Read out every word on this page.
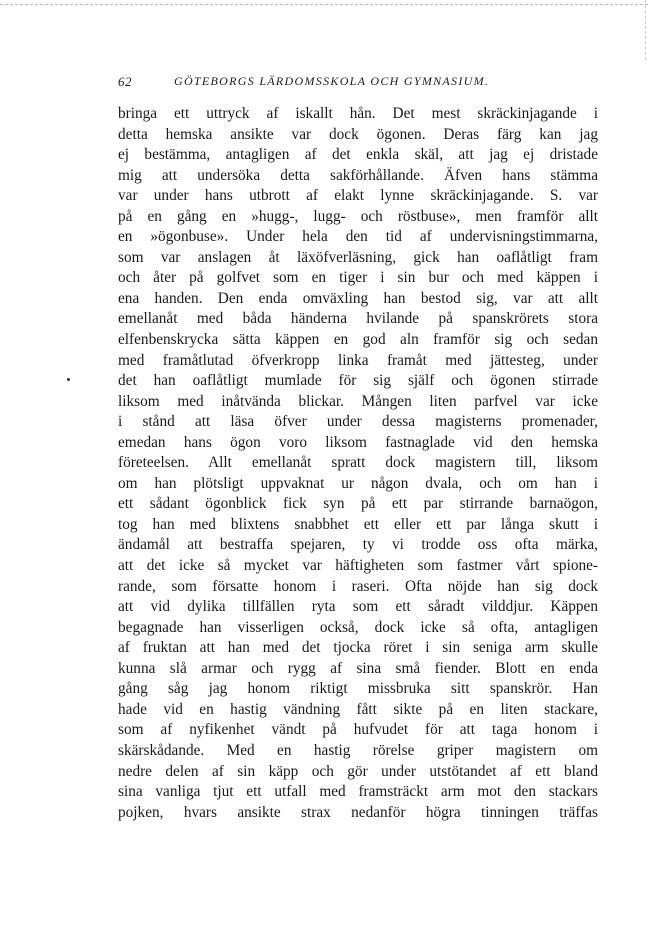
62	GÖTEBORGS LÄRDOMSSKOLA OCH GYMNASIUM.
bringa ett uttryck af iskallt hån. Det mest skräckinjagande i
detta hemska ansikte var dock ögonen. Deras färg kan jag
ej bestämma, antagligen af det enkla skäl, att jag ej dristade
mig att undersöka detta sakförhållande. Äfven hans stämma
var under hans utbrott af elakt lynne skräckinjagande. S. var
på en gång en »hugg-, lugg- och röstbuse», men framför allt
en »ögonbuse». Under hela den tid af undervisningstimmarna,
som var anslagen åt läxöfverläsning, gick han oaflåtligt fram
och åter på golfvet som en tiger i sin bur och med käppen i
ena handen. Den enda omväxling han bestod sig, var att allt
emellanåt med båda händerna hvilande på spanskrörets stora
elfenbenskrycka sätta käppen en god aln framför sig och sedan
med framåtlutad öfverkropp linka framåt med jättesteg, under
det han oaflåtligt mumlade för sig själf och ögonen stirrade
liksom med inåtvända blickar. Mången liten parfvel var icke
i stånd att läsa öfver under dessa magisterns promenader,
emedan hans ögon voro liksom fastnaglade vid den hemska
företeelsen. Allt emellanåt spratt dock magistern till, liksom
om han plötsligt uppvaknat ur någon dvala, och om han i
ett sådant ögonblick fick syn på ett par stirrande barnaögon,
tog han med blixtens snabbhet ett eller ett par långa skutt i
ändamål att bestraffa spejaren, ty vi trodde oss ofta märka,
att det icke så mycket var häftigheten som fastmer vårt spione-
rande, som försatte honom i raseri. Ofta nöjde han sig dock
att vid dylika tillfällen ryta som ett såradt vilddjur. Käppen
begagnade han visserligen också, dock icke så ofta, antagligen
af fruktan att han med det tjocka röret i sin seniga arm skulle
kunna slå armar och rygg af sina små fiender. Blott en enda
gång såg jag honom riktigt missbruka sitt spanskrör. Han
hade vid en hastig vändning fått sikte på en liten stackare,
som af nyfikenhet vändt på hufvudet för att taga honom i
skärskådande. Med en hastig rörelse griper magistern om
nedre delen af sin käpp och gör under utstötandet af ett bland
sina vanliga tjut ett utfall med framsträckt arm mot den stackars
pojken, hvars ansikte strax nedanför högra tinningen träffas
